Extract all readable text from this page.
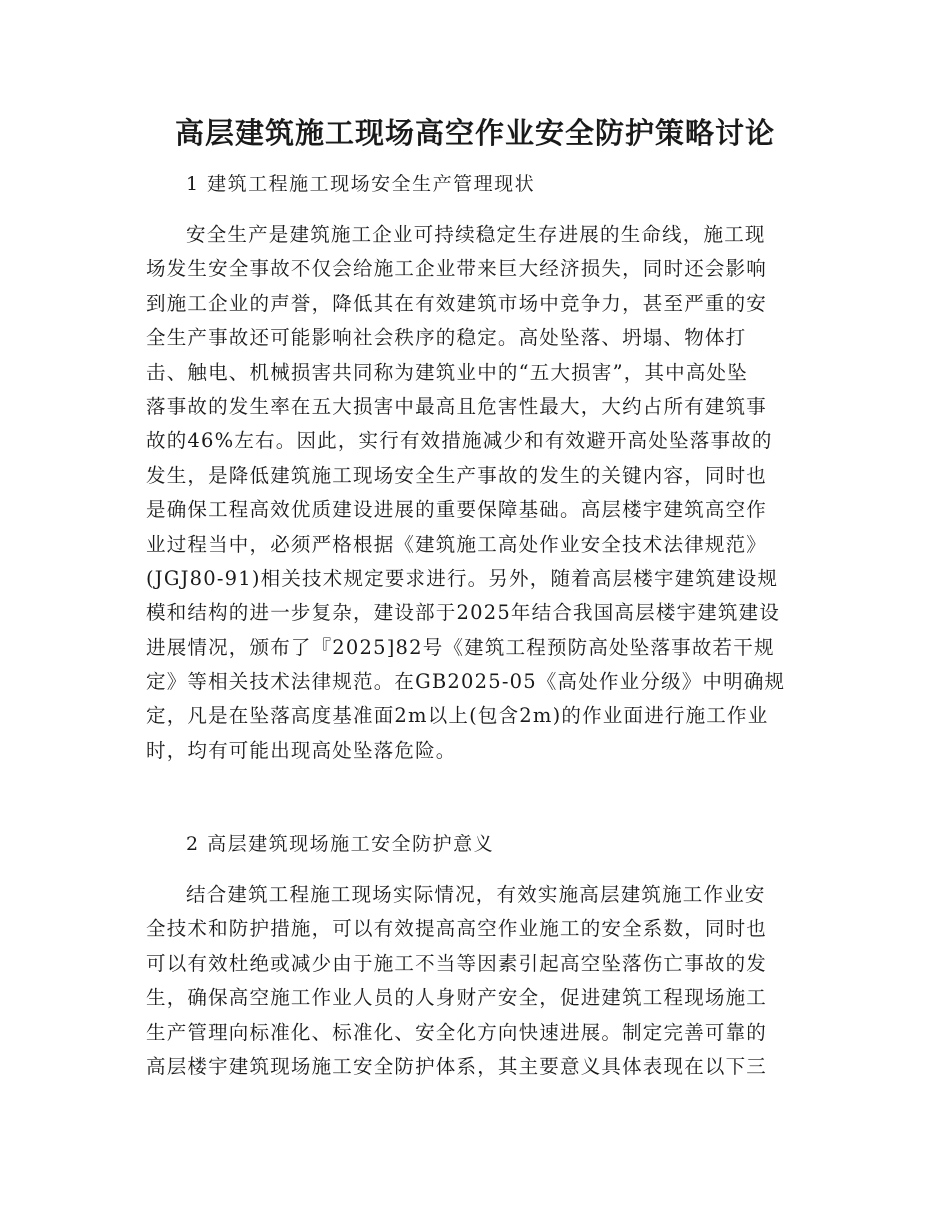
高层建筑施工现场高空作业安全防护策略讨论
1 建筑工程施工现场安全生产管理现状
安全生产是建筑施工企业可持续稳定生存进展的生命线，施工现
场发生安全事故不仅会给施工企业带来巨大经济损失，同时还会影响
到施工企业的声誉，降低其在有效建筑市场中竞争力，甚至严重的安
全生产事故还可能影响社会秩序的稳定。高处坠落、坍塌、物体打
击、触电、机械损害共同称为建筑业中的“五大损害”，其中高处坠
落事故的发生率在五大损害中最高且危害性最大，大约占所有建筑事
故的46%左右。因此，实行有效措施减少和有效避开高处坠落事故的
发生，是降低建筑施工现场安全生产事故的发生的关键内容，同时也
是确保工程高效优质建设进展的重要保障基础。高层楼宇建筑高空作
业过程当中，必须严格根据《建筑施工高处作业安全技术法律规范》
(JGJ80-91)相关技术规定要求进行。另外，随着高层楼宇建筑建设规
模和结构的进一步复杂，建设部于2025年结合我国高层楼宇建筑建设
进展情况，颁布了『2025]82号《建筑工程预防高处坠落事故若干规
定》等相关技术法律规范。在GB2025-05《高处作业分级》中明确规
定，凡是在坠落高度基准面2m以上(包含2m)的作业面进行施工作业
时，均有可能出现高处坠落危险。
2 高层建筑现场施工安全防护意义
结合建筑工程施工现场实际情况，有效实施高层建筑施工作业安
全技术和防护措施，可以有效提高高空作业施工的安全系数，同时也
可以有效杜绝或减少由于施工不当等因素引起高空坠落伤亡事故的发
生，确保高空施工作业人员的人身财产安全，促进建筑工程现场施工
生产管理向标准化、标准化、安全化方向快速进展。制定完善可靠的
高层楼宇建筑现场施工安全防护体系，其主要意义具体表现在以下三
